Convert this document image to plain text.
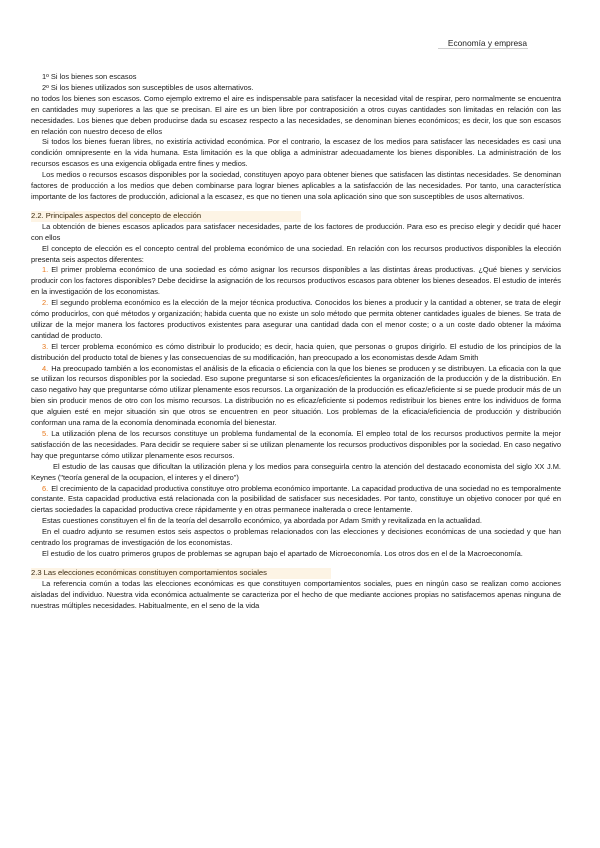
Economía y empresa

1º Si los bienes son escasos

2º Si los bienes utilizados son susceptibles de usos alternativos.

no todos los bienes son escasos. Como ejemplo extremo el aire es indispensable para satisfacer la necesidad vital de respirar, pero normalmente se encuentra en cantidades muy superiores a las que se precisan. El aire es un bien libre por contraposición a otros cuyas cantidades son limitadas en relación con las necesidades. Los bienes que deben producirse dada su escasez respecto a las necesidades, se denominan bienes económicos; es decir, los que son escasos en relación con nuestro deceso de ellos

Si todos los bienes fueran libres, no existiría actividad económica. Por el contrario, la escasez de los medios para satisfacer las necesidades es casi una condición omnipresente en la vida humana. Esta limitación es la que obliga a administrar adecuadamente los bienes disponibles. La administración de los recursos escasos es una exigencia obligada entre fines y medios.

Los medios o recursos escasos disponibles por la sociedad, constituyen apoyo para obtener bienes que satisfacen las distintas necesidades. Se denominan factores de producción a los medios que deben combinarse para lograr bienes aplicables a la satisfacción de las necesidades. Por tanto, una característica importante de los factores de producción, adicional a la escasez, es que no tienen una sola aplicación sino que son susceptibles de usos alternativos.

2.2. Principales aspectos del concepto de elección

La obtención de bienes escasos aplicados para satisfacer necesidades, parte de los factores de producción. Para eso es preciso elegir y decidir qué hacer con ellos

El concepto de elección es el concepto central del problema económico de una sociedad. En relación con los recursos productivos disponibles la elección presenta seis aspectos diferentes:

1. El primer problema económico de una sociedad es cómo asignar los recursos disponibles a las distintas áreas productivas. ¿Qué bienes y servicios producir con los factores disponibles? Debe decidirse la asignación de los recursos productivos escasos para obtener los bienes deseados. El estudio de interés en la investigación de los economistas.

2. El segundo problema económico es la elección de la mejor técnica productiva. Conocidos los bienes a producir y la cantidad a obtener, se trata de elegir cómo producirlos, con qué métodos y organización; habida cuenta que no existe un solo método que permita obtener cantidades iguales de bienes. Se trata de utilizar de la mejor manera los factores productivos existentes para asegurar una cantidad dada con el menor coste; o a un coste dado obtener la máxima cantidad de producto.

3. El tercer problema económico es cómo distribuir lo producido; es decir, hacia quien, que personas o grupos dirigirlo. El estudio de los principios de la distribución del producto total de bienes y las consecuencias de su modificación, han preocupado a los economistas desde Adam Smith

4. Ha preocupado también a los economistas el análisis de la eficacia o eficiencia con la que los bienes se producen y se distribuyen. La eficacia con la que se utilizan los recursos disponibles por la sociedad. Eso supone preguntarse si son eficaces/eficientes la organización de la producción y de la distribución. En caso negativo hay que preguntarse cómo utilizar plenamente esos recursos. La organización de la producción es eficaz/eficiente si se puede producir más de un bien sin producir menos de otro con los mismo recursos. La distribución no es eficaz/eficiente si podemos redistribuir los bienes entre los individuos de forma que alguien esté en mejor situación sin que otros se encuentren en peor situación. Los problemas de la eficacia/eficiencia de producción y distribución conforman una rama de la economía denominada economía del bienestar.

5. La utilización plena de los recursos constituye un problema fundamental de la economía. El empleo total de los recursos productivos permite la mejor satisfacción de las necesidades. Para decidir se requiere saber si se utilizan plenamente los recursos productivos disponibles por la sociedad. En caso negativo hay que preguntarse cómo utilizar plenamente esos recursos.

El estudio de las causas que dificultan la utilización plena y los medios para conseguirla centro la atención del destacado economista del siglo XX J.M. Keynes ("teoría general de la ocupacion, el interes y el dinero")

6. El crecimiento de la capacidad productiva constituye otro problema económico importante. La capacidad productiva de una sociedad no es temporalmente constante. Esta capacidad productiva está relacionada con la posibilidad de satisfacer sus necesidades. Por tanto, constituye un objetivo conocer por qué en ciertas sociedades la capacidad productiva crece rápidamente y en otras permanece inalterada o crece lentamente.

Estas cuestiones constituyen el fin de la teoría del desarrollo económico, ya abordada por Adam Smith y revitalizada en la actualidad.

En el cuadro adjunto se resumen estos seis aspectos o problemas relacionados con las elecciones y decisiones económicas de una sociedad y que han centrado los programas de investigación de los economistas.

El estudio de los cuatro primeros grupos de problemas se agrupan bajo el apartado de Microeconomía. Los otros dos en el de la Macroeconomía.

2.3 Las elecciones económicas constituyen comportamientos sociales

La referencia común a todas las elecciones económicas es que constituyen comportamientos sociales, pues en ningún caso se realizan como acciones aisladas del individuo. Nuestra vida económica actualmente se caracteriza por el hecho de que mediante acciones propias no satisfacemos apenas ninguna de nuestras múltiples necesidades. Habitualmente, en el seno de la vida
